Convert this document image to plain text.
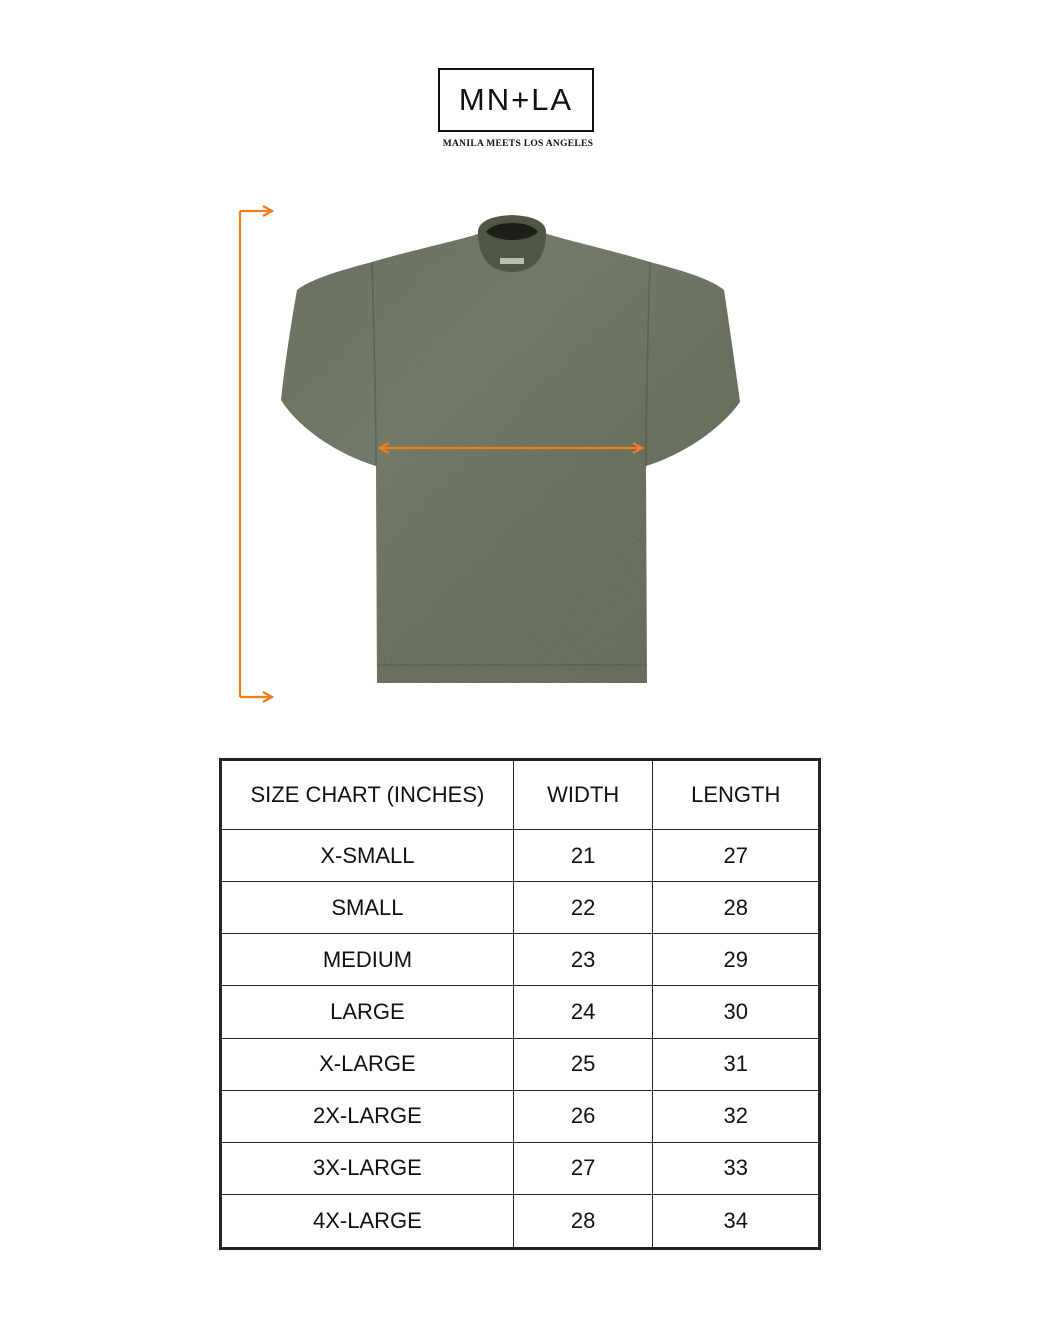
MN+LA
MANILA MEETS LOS ANGELES
SIZE CHART (INCHES)	WIDTH	LENGTH
X-SMALL	21	27
SMALL	22	28
MEDIUM	23	29
LARGE	24	30
X-LARGE	25	31
2X-LARGE	26	32
3X-LARGE	27	33
4X-LARGE	28	34
